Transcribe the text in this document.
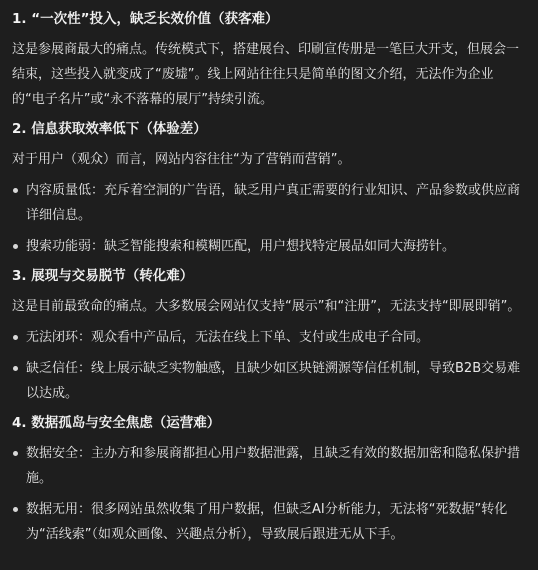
1. “一次性”投入，缺乏长效价值（获客难）

这是参展商最大的痛点。传统模式下，搭建展台、印刷宣传册是一笔巨大开支，但展会一结束，这些投入就变成了“废墟”。线上网站往往只是简单的图文介绍，无法作为企业的“电子名片”或“永不落幕的展厅”持续引流。

2. 信息获取效率低下（体验差）

对于用户（观众）而言，网站内容往往“为了营销而营销”。

内容质量低：充斥着空洞的广告语，缺乏用户真正需要的行业知识、产品参数或供应商详细信息。
搜索功能弱：缺乏智能搜索和模糊匹配，用户想找特定展品如同大海捞针。
3. 展现与交易脱节（转化难）

这是目前最致命的痛点。大多数展会网站仅支持“展示”和“注册”，无法支持“即展即销”。

无法闭环：观众看中产品后，无法在线上下单、支付或生成电子合同。
缺乏信任：线上展示缺乏实物触感，且缺少如区块链溯源等信任机制，导致B2B交易难以达成。
4. 数据孤岛与安全焦虑（运营难）
数据安全：主办方和参展商都担心用户数据泄露，且缺乏有效的数据加密和隐私保护措施。
数据无用：很多网站虽然收集了用户数据，但缺乏AI分析能力，无法将“死数据”转化为“活线索”（如观众画像、兴趣点分析），导致展后跟进无从下手。
